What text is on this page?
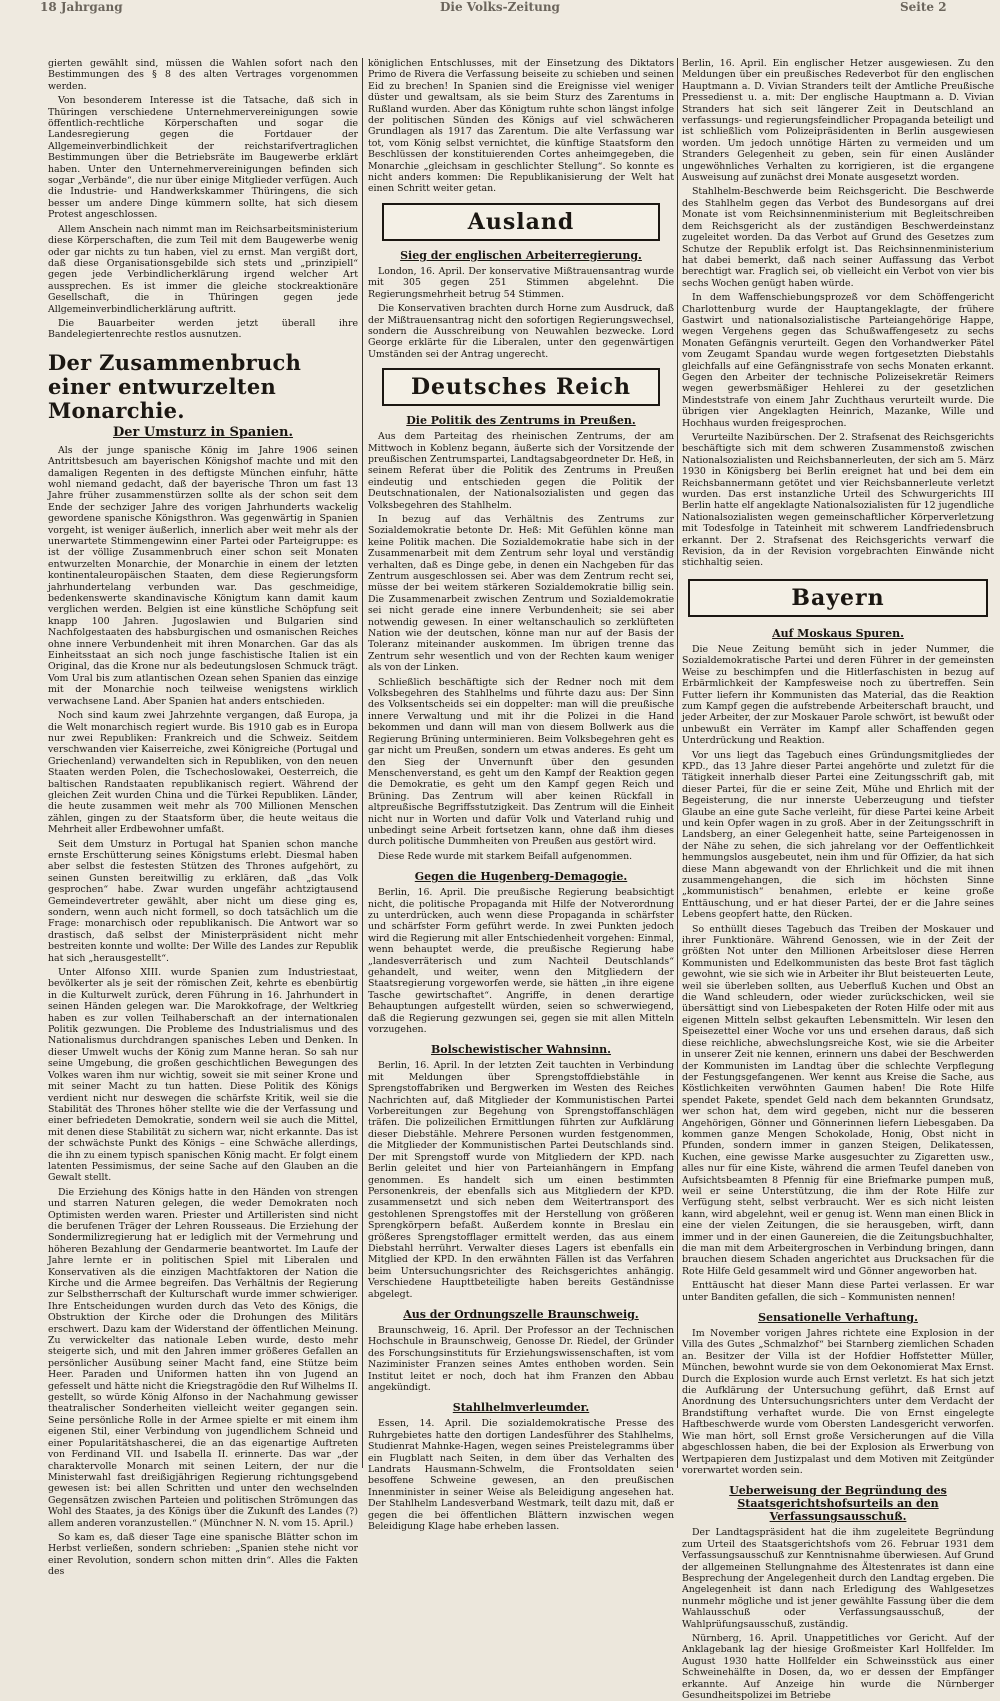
18 Jahrgang	Die Volks-Zeitung	Seite 2

gierten gewählt sind, müssen die Wahlen sofort nach den Bestimmungen des § 8 des alten Vertrages vorgenommen werden.

Von besonderem Interesse ist die Tatsache, daß sich in Thüringen verschiedene Unternehmervereinigungen sowie öffentlich-rechtliche Körperschaften und sogar die Landesregierung gegen die Fortdauer der Allgemeinverbindlichkeit der reichstarifvertraglichen Bestimmungen über die Betriebsräte im Baugewerbe erklärt haben. Unter den Unternehmervereinigungen befinden sich sogar „Verbände“, die nur über einige Mitglieder verfügen. Auch die Industrie- und Handwerkskammer Thüringens, die sich besser um andere Dinge kümmern sollte, hat sich diesem Protest angeschlossen.

Allem Anschein nach nimmt man im Reichsarbeitsministerium diese Körperschaften, die zum Teil mit dem Baugewerbe wenig oder gar nichts zu tun haben, viel zu ernst. Man vergißt dort, daß diese Organisationsgebilde sich stets und „prinzipiell“ gegen jede Verbindlicherklärung irgend welcher Art aussprechen. Es ist immer die gleiche stockreaktionäre Gesellschaft, die in Thüringen gegen jede Allgemeinverbindlicherklärung auftritt.

Die Bauarbeiter werden jetzt überall ihre Bandelegiertenrechte restlos ausnutzen.

Der Zusammenbruch einer entwurzelten Monarchie.
Der Umsturz in Spanien.

Als der junge spanische König im Jahre 1906 seinen Antrittsbesuch am bayerischen Königshof machte und mit den damaligen Regenten in des deftigste München einfuhr, hätte wohl niemand gedacht, daß der bayerische Thron um fast 13 Jahre früher zusammenstürzen sollte als der schon seit dem Ende der sechziger Jahre des vorigen Jahrhunderts wackelig gewordene spanische Königsthron. Was gegenwärtig in Spanien vorgeht, ist weniger äußerlich, innerlich aber weit mehr als der unerwartete Stimmengewinn einer Partei oder Parteigruppe: es ist der völlige Zusammenbruch einer schon seit Monaten entwurzelten Monarchie, der Monarchie in einem der letzten kontinentaleuropäischen Staaten, dem diese Regierungsform jahrhundertelang verbunden war. Das geschmeidige, bedenkenswerte skandinavische Königtum kann damit kaum verglichen werden. Belgien ist eine künstliche Schöpfung seit knapp 100 Jahren. Jugoslawien und Bulgarien sind Nachfolgestaaten des habsburgischen und osmanischen Reiches ohne innere Verbundenheit mit ihren Monarchen. Gar das als Einheitsstaat an sich noch junge faschistische Italien ist ein Original, das die Krone nur als bedeutungslosen Schmuck trägt. Vom Ural bis zum atlantischen Ozean sehen Spanien das einzige mit der Monarchie noch teilweise wenigstens wirklich verwachsene Land. Aber Spanien hat anders entschieden.

Noch sind kaum zwei Jahrzehnte vergangen, daß Europa, ja die Welt monarchisch regiert wurde. Bis 1910 gab es in Europa nur zwei Republiken: Frankreich und die Schweiz. Seitdem verschwanden vier Kaiserreiche, zwei Königreiche (Portugal und Griechenland) verwandelten sich in Republiken, von den neuen Staaten werden Polen, die Tschechoslowakei, Oesterreich, die baltischen Randstaaten republikanisch regiert. Während der gleichen Zeit wurden China und die Türkei Republiken. Länder, die heute zusammen weit mehr als 700 Millionen Menschen zählen, gingen zu der Staatsform über, die heute weitaus die Mehrheit aller Erdbewohner umfaßt.

Seit dem Umsturz in Portugal hat Spanien schon manche ernste Erschütterung seines Königstums erlebt. Diesmal haben aber selbst die festesten Stützen des Thrones aufgehört, zu seinen Gunsten bereitwillig zu erklären, daß „das Volk gesprochen“ habe. Zwar wurden ungefähr achtzigtausend Gemeindevertreter gewählt, aber nicht um diese ging es, sondern, wenn auch nicht formell, so doch tatsächlich um die Frage: monarchisch oder republikanisch. Die Antwort war so drastisch, daß selbst der Ministerpräsident nicht mehr bestreiten konnte und wollte: Der Wille des Landes zur Republik hat sich „herausgestellt“.

Unter Alfonso XIII. wurde Spanien zum Industriestaat, bevölkerter als je seit der römischen Zeit, kehrte es ebenbürtig in die Kulturwelt zurück, deren Führung in 16. Jahrhundert in seinen Händen gelegen war. Die Marokkofrage, der Weltkrieg haben es zur vollen Teilhaberschaft an der internationalen Politik gezwungen. Die Probleme des Industrialismus und des Nationalismus durchdrangen spanisches Leben und Denken. In dieser Umwelt wuchs der König zum Manne heran. So sah nur seine Umgebung, die großen geschichtlichen Bewegungen des Volkes waren ihm nur wichtig, soweit sie mit seiner Krone und mit seiner Macht zu tun hatten. Diese Politik des Königs verdient nicht nur deswegen die schärfste Kritik, weil sie die Stabilität des Thrones höher stellte wie die der Verfassung und einer befriedeten Demokratie, sondern weil sie auch die Mittel, mit denen diese Stabilität zu sichern war, nicht erkannte. Das ist der schwächste Punkt des Königs – eine Schwäche allerdings, die ihn zu einem typisch spanischen König macht. Er folgt einem latenten Pessimismus, der seine Sache auf den Glauben an die Gewalt stellt.

Die Erziehung des Königs hatte in den Händen von strengen und starren Naturen gelegen, die weder Demokraten noch Optimisten werden waren. Priester und Artilleristen sind nicht die berufenen Träger der Lehren Rousseaus. Die Erziehung der Sondermilizregierung hat er lediglich mit der Vermehrung und höheren Bezahlung der Gendarmerie beantwortet. Im Laufe der Jahre lernte er in politischen Spiel mit Liberalen und Konservativen als die einzigen Machtfaktoren der Nation die Kirche und die Armee begreifen. Das Verhältnis der Regierung zur Selbstherrschaft der Kulturschaft wurde immer schwieriger. Ihre Entscheidungen wurden durch das Veto des Königs, die Obstruktion der Kirche oder die Drohungen des Militärs erschwert. Dazu kam der Widerstand der öffentlichen Meinung. Zu verwickelter das nationale Leben wurde, desto mehr steigerte sich, und mit den Jahren immer größeres Gefallen an persönlicher Ausübung seiner Macht fand, eine Stütze beim Heer. Paraden und Uniformen hatten ihn von Jugend an gefesselt und hätte nicht die Kriegstragödie den Ruf Wilhelms II. gestellt, so würde König Alfonso in der Nachahmung gewisser theatralischer Sonderheiten vielleicht weiter gegangen sein. Seine persönliche Rolle in der Armee spielte er mit einem ihm eigenen Stil, einer Verbindung von jugendlichem Schneid und einer Popularitätshascherei, die an das eigenartige Auftreten von Ferdinand VII. und Isabella II. erinnerte. Das war „der charaktervolle Monarch mit seinen Leitern, der nur die Ministerwahl fast dreißigjährigen Regierung richtungsgebend gewesen ist: bei allen Schritten und unter den wechselnden Gegensätzen zwischen Parteien und politischen Strömungen das Wohl des Staates, ja des Königs über die Zukunft des Landes (?) allem anderen voranzustellen.“ (Münchner N. N. vom 15. April.)

So kam es, daß dieser Tage eine spanische Blätter schon im Herbst verließen, sondern schrieben: „Spanien stehe nicht vor einer Revolution, sondern schon mitten drin“. Alles die Fakten des

königlichen Entschlusses, mit der Einsetzung des Diktators Primo de Rivera die Verfassung beiseite zu schieben und seinen Eid zu brechen! In Spanien sind die Ereignisse viel weniger düster und gewaltsam, als sie beim Sturz des Zarentums in Rußland wurden. Aber das Königtum ruhte schon längst infolge der politischen Sünden des Königs auf viel schwächeren Grundlagen als 1917 das Zarentum. Die alte Verfassung war tot, vom König selbst vernichtet, die künftige Staatsform den Beschlüssen der konstituierenden Cortes anheimgegeben, die Monarchie „gleichsam in geschlichter Stellung“. So konnte es nicht anders kommen: Die Republikanisierung der Welt hat einen Schritt weiter getan.

Ausland
Sieg der englischen Arbeiterregierung.

London, 16. April. Der konservative Mißtrauensantrag wurde mit 305 gegen 251 Stimmen abgelehnt. Die Regierungsmehrheit betrug 54 Stimmen.

Die Konservativen brachten durch Horne zum Ausdruck, daß der Mißtrauensantrag nicht den sofortigen Regierungswechsel, sondern die Ausschreibung von Neuwahlen bezwecke. Lord George erklärte für die Liberalen, unter den gegenwärtigen Umständen sei der Antrag ungerecht.

Deutsches Reich
Die Politik des Zentrums in Preußen.

Aus dem Parteitag des rheinischen Zentrums, der am Mittwoch in Koblenz begann, äußerte sich der Vorsitzende der preußischen Zentrumspartei, Landtagsabgeordneter Dr. Heß, in seinem Referat über die Politik des Zentrums in Preußen eindeutig und entschieden gegen die Politik der Deutschnationalen, der Nationalsozialisten und gegen das Volksbegehren des Stahlhelm.

In bezug auf das Verhältnis des Zentrums zur Sozialdemokratie betonte Dr. Heß: Mit Gefühlen könne man keine Politik machen. Die Sozialdemokratie habe sich in der Zusammenarbeit mit dem Zentrum sehr loyal und verständig verhalten, daß es Dinge gebe, in denen ein Nachgeben für das Zentrum ausgeschlossen sei. Aber was dem Zentrum recht sei, müsse der bei weitem stärkeren Sozialdemokratie billig sein. Die Zusammenarbeit zwischen Zentrum und Sozialdemokratie sei nicht gerade eine innere Verbundenheit; sie sei aber notwendig gewesen. In einer weltanschaulich so zerklüfteten Nation wie der deutschen, könne man nur auf der Basis der Toleranz miteinander auskommen. Im übrigen trenne das Zentrum sehr wesentlich und von der Rechten kaum weniger als von der Linken.

Schließlich beschäftigte sich der Redner noch mit dem Volksbegehren des Stahlhelms und führte dazu aus: Der Sinn des Volksentscheids sei ein doppelter: man will die preußische innere Verwaltung und mit ihr die Polizei in die Hand bekommen und dann will man von diesem Bollwerk aus die Regierung Brüning unterminieren. Beim Volksbegehren geht es gar nicht um Preußen, sondern um etwas anderes. Es geht um den Sieg der Unvernunft über den gesunden Menschenverstand, es geht um den Kampf der Reaktion gegen die Demokratie, es geht um den Kampf gegen Reich und Brüning. Das Zentrum will aber keinen Rückfall in altpreußische Begriffsstutzigkeit. Das Zentrum will die Einheit nicht nur in Worten und dafür Volk und Vaterland ruhig und unbedingt seine Arbeit fortsetzen kann, ohne daß ihm dieses durch politische Dummheiten von Preußen aus gestört wird.

Diese Rede wurde mit starkem Beifall aufgenommen.

Gegen die Hugenberg-Demagogie.

Berlin, 16. April. Die preußische Regierung beabsichtigt nicht, die politische Propaganda mit Hilfe der Notverordnung zu unterdrücken, auch wenn diese Propaganda in schärfster und schärfster Form geführt werde. In zwei Punkten jedoch wird die Regierung mit aller Entschiedenheit vorgehen: Einmal, wenn behauptet werde, die preußische Regierung habe „landesverräterisch und zum Nachteil Deutschlands“ gehandelt, und weiter, wenn den Mitgliedern der Staatsregierung vorgeworfen werde, sie hätten „in ihre eigene Tasche gewirtschaftet“. Angriffe, in denen derartige Behauptungen aufgestellt würden, seien so schwerwiegend, daß die Regierung gezwungen sei, gegen sie mit allen Mitteln vorzugehen.

Bolschewistischer Wahnsinn.

Berlin, 16. April. In der letzten Zeit tauchten in Verbindung mit Meldungen über Sprengstoffdiebstähle in Sprengstoffabriken und Bergwerken im Westen des Reiches Nachrichten auf, daß Mitglieder der Kommunistischen Partei Vorbereitungen zur Begehung von Sprengstoffanschlägen träfen. Die polizeilichen Ermittlungen führten zur Aufklärung dieser Diebstähle. Mehrere Personen wurden festgenommen, die Mitglieder der Kommunistischen Partei Deutschlands sind. Der mit Sprengstoff wurde von Mitgliedern der KPD. nach Berlin geleitet und hier von Parteianhängern in Empfang genommen. Es handelt sich um einen bestimmten Personenkreis, der ebenfalls sich aus Mitgliedern der KPD. zusammensetzt und sich neben dem Weitertransport des gestohlenen Sprengstoffes mit der Herstellung von größeren Sprengkörpern befaßt. Außerdem konnte in Breslau ein größeres Sprengstofflager ermittelt werden, das aus einem Diebstahl herrührt. Verwalter dieses Lagers ist ebenfalls ein Mitglied der KPD. In den erwähnten Fällen ist das Verfahren beim Untersuchungsrichter des Reichsgerichtes anhängig. Verschiedene Haupttbeteiligte haben bereits Geständnisse abgelegt.

Aus der Ordnungszelle Braunschweig.

Braunschweig, 16. April. Der Professor an der Technischen Hochschule in Braunschweig, Genosse Dr. Riedel, der Gründer des Forschungsinstituts für Erziehungswissenschaften, ist vom Naziminister Franzen seines Amtes enthoben worden. Sein Institut leitet er noch, doch hat ihm Franzen den Abbau angekündigt.

Stahlhelmverleumder.

Essen, 14. April. Die sozialdemokratische Presse des Ruhrgebietes hatte den dortigen Landesführer des Stahlhelms, Studienrat Mahnke-Hagen, wegen seines Preistelegramms über ein Flugblatt nach Seiten, in dem über das Verhalten des Landrats Hausmann-Schwelm, die Frontsoldaten seien besoffene Schweine gewesen, an den preußischen Innenminister in seiner Weise als Beleidigung angesehen hat. Der Stahlhelm Landesverband Westmark, teilt dazu mit, daß er gegen die bei öffentlichen Blättern inzwischen wegen Beleidigung Klage habe erheben lassen.

Berlin, 16. April. Ein englischer Hetzer ausgewiesen. Zu den Meldungen über ein preußisches Redeverbot für den englischen Hauptmann a. D. Vivian Stranders teilt der Amtliche Preußische Pressedienst u. a. mit: Der englische Hauptmann a. D. Vivian Stranders hat sich seit längerer Zeit in Deutschland an verfassungs- und regierungsfeindlicher Propaganda beteiligt und ist schließlich vom Polizeipräsidenten in Berlin ausgewiesen worden. Um jedoch unnötige Härten zu vermeiden und um Stranders Gelegenheit zu geben, sein für einen Ausländer ungewöhnliches Verhalten zu korrigieren, ist die ergangene Ausweisung auf zunächst drei Monate ausgesetzt worden.

Stahlhelm-Beschwerde beim Reichsgericht. Die Beschwerde des Stahlhelm gegen das Verbot des Bundesorgans auf drei Monate ist vom Reichsinnenministerium mit Begleitschreiben dem Reichsgericht als der zuständigen Beschwerdeinstanz zugeleitet worden. Da das Verbot auf Grund des Gesetzes zum Schutze der Republik erfolgt ist. Das Reichsinnenministerium hat dabei bemerkt, daß nach seiner Auffassung das Verbot berechtigt war. Fraglich sei, ob vielleicht ein Verbot von vier bis sechs Wochen genügt haben würde.

In dem Waffenschiebungsprozeß vor dem Schöffengericht Charlottenburg wurde der Hauptangeklagte, der frühere Gastwirt und nationalsozialistische Parteiangehörige Happe, wegen Vergehens gegen das Schußwaffengesetz zu sechs Monaten Gefängnis verurteilt. Gegen den Vorhandwerker Pätel vom Zeugamt Spandau wurde wegen fortgesetzten Diebstahls gleichfalls auf eine Gefängnisstrafe von sechs Monaten erkannt. Gegen den Arbeiter der technische Polizeisekretär Reimers wegen gewerbsmäßiger Hehlerei zu der gesetzlichen Mindeststrafe von einem Jahr Zuchthaus verurteilt wurde. Die übrigen vier Angeklagten Heinrich, Mazanke, Wille und Hochhaus wurden freigesprochen.

Verurteilte Nazibürschen. Der 2. Strafsenat des Reichsgerichts beschäftigte sich mit dem schweren Zusammenstoß zwischen Nationalsozialisten und Reichsbannerleuten, der sich am 5. März 1930 in Königsberg bei Berlin ereignet hat und bei dem ein Reichsbannermann getötet und vier Reichsbannerleute verletzt wurden. Das erst instanzliche Urteil des Schwurgerichts III Berlin hatte elf angeklagte Nationalsozialisten für 12 jugendliche Nationalsozialisten wegen gemeinschaftlicher Körperverletzung mit Todesfolge in Tateinheit mit schwerem Landfriedensbruch erkannt. Der 2. Strafsenat des Reichsgerichts verwarf die Revision, da in der Revision vorgebrachten Einwände nicht stichhaltig seien.

Bayern
Auf Moskaus Spuren.

Die Neue Zeitung bemüht sich in jeder Nummer, die Sozialdemokratische Partei und deren Führer in der gemeinsten Weise zu beschimpfen und die Hitlerfaschisten in bezug auf Erbärmlichkeit der Kampfesweise noch zu übertreffen. Sein Futter liefern ihr Kommunisten das Material, das die Reaktion zum Kampf gegen die aufstrebende Arbeiterschaft braucht, und jeder Arbeiter, der zur Moskauer Parole schwört, ist bewußt oder unbewußt ein Verräter im Kampf aller Schaffenden gegen Unterdrückung und Reaktion.

Vor uns liegt das Tagebuch eines Gründungsmitgliedes der KPD., das 13 Jahre dieser Partei angehörte und zuletzt für die Tätigkeit innerhalb dieser Partei eine Zeitungsschrift gab, mit dieser Partei, für die er seine Zeit, Mühe und Ehrlich mit der Begeisterung, die nur innerste Ueberzeugung und tiefster Glaube an eine gute Sache verleiht, für diese Partei keine Arbeit und kein Opfer wagen in zu groß. Aber in der Zeitungsschrift in Landsberg, an einer Gelegenheit hatte, seine Parteigenossen in der Nähe zu sehen, die sich jahrelang vor der Oeffentlichkeit hemmungslos ausgebeutet, nein ihm und für Offizier, da hat sich diese Mann abgewandt von der Ehrlichkeit und die mit ihnen zusammengehangen, die sich im höchsten Sinne „kommunistisch“ benahmen, erlebte er keine große Enttäuschung, und er hat dieser Partei, der er die Jahre seines Lebens geopfert hatte, den Rücken.

So enthüllt dieses Tagebuch das Treiben der Moskauer und ihrer Funktionäre. Während Genossen, wie in der Zeit der größten Not unter den Millionen Arbeitsloser diese Herren Kommunisten und Edelkommunisten das beste Brot fast täglich gewohnt, wie sie sich wie in Arbeiter ihr Blut beisteuerten Leute, weil sie überleben sollten, aus Ueberfluß Kuchen und Obst an die Wand schleudern, oder wieder zurückschicken, weil sie übersättigt sind von Liebespaketen der Roten Hilfe oder mit aus eigenen Mitteln selbst gekauften Lebensmitteln. Wir lesen den Speisezettel einer Woche vor uns und ersehen daraus, daß sich diese reichliche, abwechslungsreiche Kost, wie sie die Arbeiter in unserer Zeit nie kennen, erinnern uns dabei der Beschwerden der Kommunisten im Landtag über die schlechte Verpflegung der Festungsgefangenen. Wer kennt aus Kreise die Sache, aus Köstlichkeiten verwöhnten Gaumen haben! Die Rote Hilfe spendet Pakete, spendet Geld nach dem bekannten Grundsatz, wer schon hat, dem wird gegeben, nicht nur die besseren Angehörigen, Gönner und Gönnerinnen liefern Liebesgaben. Da kommen ganze Mengen Schokolade, Honig, Obst nicht in Pfunden, sondern immer in ganzen Steigen, Delikatessen, Kuchen, eine gewisse Marke ausgesuchter zu Zigaretten usw., alles nur für eine Kiste, während die armen Teufel daneben von Aufsichtsbeamten 8 Pfennig für eine Briefmarke pumpen muß, weil er seine Unterstützung, die ihm der Rote Hilfe zur Verfügung steht, selbst verbraucht. Wer es sich nicht leisten kann, wird abgelehnt, weil er genug ist. Wenn man einen Blick in eine der vielen Zeitungen, die sie herausgeben, wirft, dann immer und in der einen Gaunereien, die die Zeitungsbuchhalter, die man mit dem Arbeitergroschen in Verbindung bringen, dann brauchen diesem Schaden angerichtet aus Drucksachen für die Rote Hilfe Geld gesammelt wird und Gönner angeworben hat.

Enttäuscht hat dieser Mann diese Partei verlassen. Er war unter Banditen gefallen, die sich – Kommunisten nennen!

Sensationelle Verhaftung.

Im November vorigen Jahres richtete eine Explosion in der Villa des Gutes „Schmalzhof“ bei Starnberg ziemlichen Schaden an. Besitzer der Villa ist der Hofdier Hoffstetter Müller, München, bewohnt wurde sie von dem Oekonomierat Max Ernst. Durch die Explosion wurde auch Ernst verletzt. Es hat sich jetzt die Aufklärung der Untersuchung geführt, daß Ernst auf Anordnung des Untersuchungsrichters unter dem Verdacht der Brandstiftung verhaftet wurde. Die von Ernst eingelegte Haftbeschwerde wurde vom Obersten Landesgericht verworfen. Wie man hört, soll Ernst große Versicherungen auf die Villa abgeschlossen haben, die bei der Explosion als Erwerbung von Wertpapieren dem Justizpalast und dem Motiven mit Zeitgünder vorerwartet worden sein.

Ueberweisung der Begründung des Staatsgerichtshofsurteils an den Verfassungsausschuß.

Der Landtagspräsident hat die ihm zugeleitete Begründung zum Urteil des Staatsgerichtshofs vom 26. Februar 1931 dem Verfassungsausschuß zur Kenntnisnahme überwiesen. Auf Grund der allgemeinen Stellungnahme des Ältestenrates ist dann eine Besprechung der Angelegenheit durch den Landtag ergeben. Die Angelegenheit ist dann nach Erledigung des Wahlgesetzes nunmehr mögliche und ist jener gewählte Fassung über die dem Wahlausschuß oder Verfassungsausschuß, der Wahlprüfungsausschuß, zuständig.

Nürnberg, 16. April. Unappetitliches vor Gericht. Auf der Anklagebank lag der hiesige Großmeister Karl Hollfelder. Im August 1930 hatte Hollfelder ein Schweinsstück aus einer Schweinehälfte in Dosen, da, wo er dessen der Empfänger erkannte. Auf Anzeige hin wurde die Nürnberger Gesundheitspolizei im Betriebe
